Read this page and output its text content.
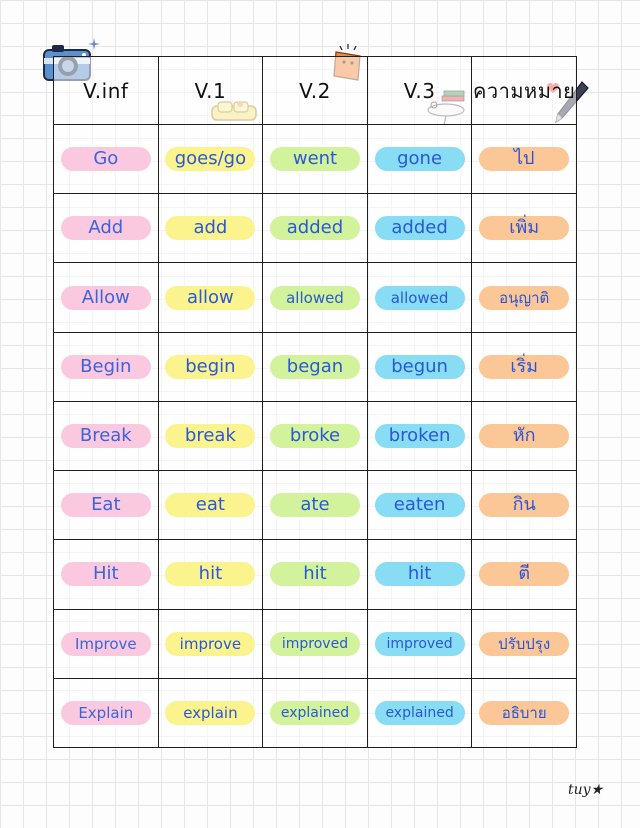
V.inf	V.1	V.2	V.3	ความหมาย
Go	goes/go	went	gone	ไป
Add	add	added	added	เพิ่ม
Allow	allow	allowed	allowed	อนุญาติ
Begin	begin	began	begun	เริ่ม
Break	break	broke	broken	หัก
Eat	eat	ate	eaten	กิน
Hit	hit	hit	hit	ตี
Improve	improve	improved	improved	ปรับปรุง
Explain	explain	explained	explained	อธิบาย
tuy★
